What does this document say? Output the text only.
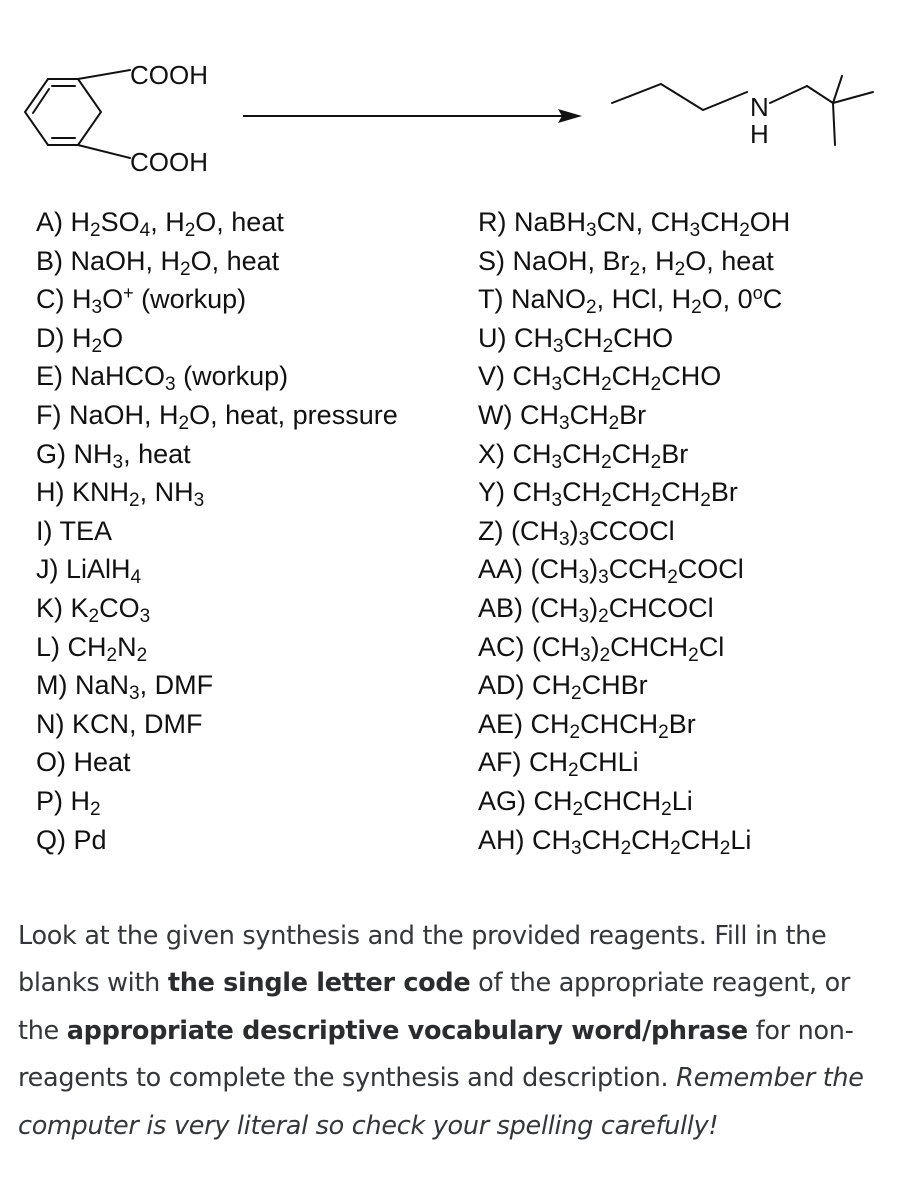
COOH
COOH
N
H
A) $H_2SO_4$, $H_2O$, heat
B) NaOH, $H_2O$, heat
C) $H_3O^+$ (workup)
D) $H_2O$
E) NaHCO$_3$ (workup)
F) NaOH, $H_2O$, heat, pressure
G) $NH_3$, heat
H) $KNH_2$, $NH_3$
I) TEA
J) LiAlH$_4$
K) $K_2CO_3$
L) $CH_2N_2$
M) NaN$_3$, DMF
N) KCN, DMF
O) Heat
P) $H_2$
Q) Pd
R) NaBH$_3$CN, $CH_3CH_2OH$
S) NaOH, $Br_2$, $H_2O$, heat
T) NaNO$_2$, HCl, $H_2O$, 0$^o$C
U) $CH_3CH_2CHO$
V) $CH_3CH_2CH_2CHO$
W) $CH_3CH_2Br$
X) $CH_3CH_2CH_2Br$
Y) $CH_3CH_2CH_2CH_2Br$
Z) $(CH_3)_3CCOCl$
AA) $(CH_3)_3CCH_2COCl$
AB) $(CH_3)_2CHCOCl$
AC) $(CH_3)_2CHCH_2Cl$
AD) $CH_2CHBr$
AE) $CH_2CHCH_2Br$
AF) $CH_2CHLi$
AG) $CH_2CHCH_2Li$
AH) $CH_3CH_2CH_2CH_2Li$

Look at the given synthesis and the provided reagents. Fill in the blanks with the single letter code of the appropriate reagent, or the appropriate descriptive vocabulary word/phrase for non-reagents to complete the synthesis and description. Remember the computer is very literal so check your spelling carefully!
